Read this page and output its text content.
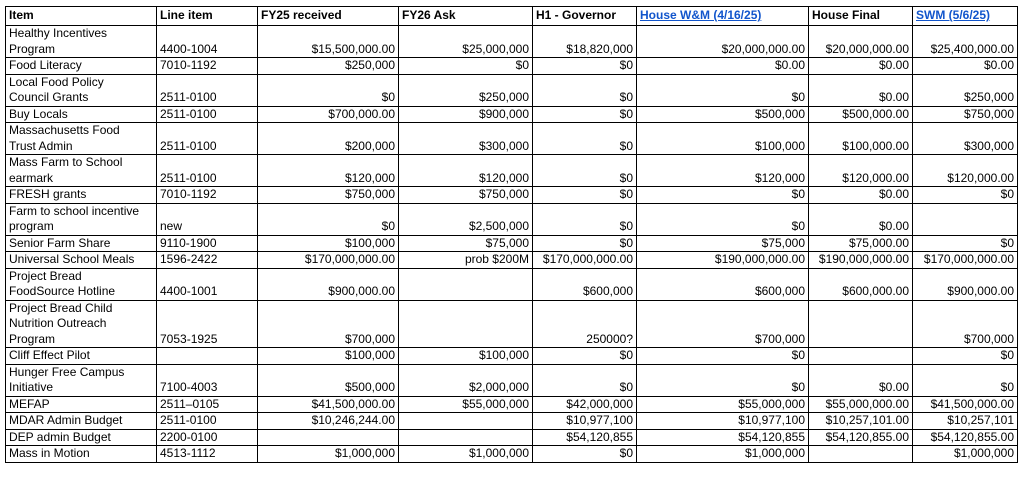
Item	Line item	FY25 received	FY26 Ask	H1 - Governor	House W&M (4/16/25)	House Final	SWM (5/6/25)
Healthy Incentives
Program	4400-1004	$15,500,000.00	$25,000,000	$18,820,000	$20,000,000.00	$20,000,000.00	$25,400,000.00
Food Literacy	7010-1192	$250,000	$0	$0	$0.00	$0.00	$0.00
Local Food Policy
Council Grants	2511-0100	$0	$250,000	$0	$0	$0.00	$250,000
Buy Locals	2511-0100	$700,000.00	$900,000	$0	$500,000	$500,000.00	$750,000
Massachusetts Food
Trust Admin	2511-0100	$200,000	$300,000	$0	$100,000	$100,000.00	$300,000
Mass Farm to School
earmark	2511-0100	$120,000	$120,000	$0	$120,000	$120,000.00	$120,000.00
FRESH grants	7010-1192	$750,000	$750,000	$0	$0	$0.00	$0
Farm to school incentive
program	new	$0	$2,500,000	$0	$0	$0.00	
Senior Farm Share	9110-1900	$100,000	$75,000	$0	$75,000	$75,000.00	$0
Universal School Meals	1596-2422	$170,000,000.00	prob $200M	$170,000,000.00	$190,000,000.00	$190,000,000.00	$170,000,000.00
Project Bread
FoodSource Hotline	4400-1001	$900,000.00		$600,000	$600,000	$600,000.00	$900,000.00
Project Bread Child
Nutrition Outreach
Program	7053-1925	$700,000		250000?	$700,000		$700,000
Cliff Effect Pilot		$100,000	$100,000	$0	$0		$0
Hunger Free Campus
Initiative	7100-4003	$500,000	$2,000,000	$0	$0	$0.00	$0
MEFAP	2511–0105	$41,500,000.00	$55,000,000	$42,000,000	$55,000,000	$55,000,000.00	$41,500,000.00
MDAR Admin Budget	2511-0100	$10,246,244.00		$10,977,100	$10,977,100	$10,257,101.00	$10,257,101
DEP admin Budget	2200-0100			$54,120,855	$54,120,855	$54,120,855.00	$54,120,855.00
Mass in Motion	4513-1112	$1,000,000	$1,000,000	$0	$1,000,000		$1,000,000
